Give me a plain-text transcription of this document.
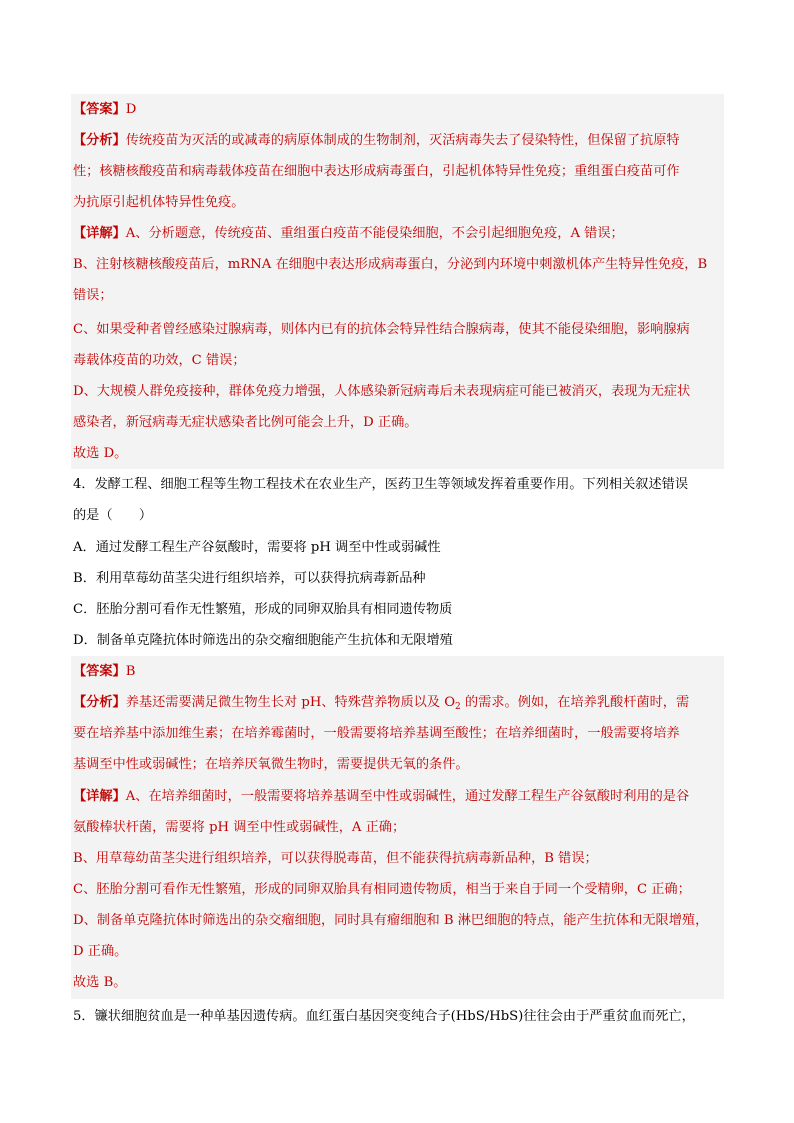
【答案】D
【分析】传统疫苗为灭活的或减毒的病原体制成的生物制剂，灭活病毒失去了侵染特性，但保留了抗原特
性；核糖核酸疫苗和病毒载体疫苗在细胞中表达形成病毒蛋白，引起机体特异性免疫；重组蛋白疫苗可作
为抗原引起机体特异性免疫。
【详解】A、分析题意，传统疫苗、重组蛋白疫苗不能侵染细胞，不会引起细胞免疫，A 错误；
B、注射核糖核酸疫苗后，mRNA 在细胞中表达形成病毒蛋白，分泌到内环境中刺激机体产生特异性免疫，B
错误；
C、如果受种者曾经感染过腺病毒，则体内已有的抗体会特异性结合腺病毒，使其不能侵染细胞，影响腺病
毒载体疫苗的功效，C 错误；
D、大规模人群免疫接种，群体免疫力增强，人体感染新冠病毒后未表现病症可能已被消灭，表现为无症状
感染者，新冠病毒无症状感染者比例可能会上升，D 正确。
故选 D。
4．发酵工程、细胞工程等生物工程技术在农业生产，医药卫生等领域发挥着重要作用。下列相关叙述错误
的是（　　）
A．通过发酵工程生产谷氨酸时，需要将 pH 调至中性或弱碱性
B．利用草莓幼苗茎尖进行组织培养，可以获得抗病毒新品种
C．胚胎分割可看作无性繁殖，形成的同卵双胎具有相同遗传物质
D．制备单克隆抗体时筛选出的杂交瘤细胞能产生抗体和无限增殖
【答案】B
【分析】养基还需要满足微生物生长对 pH、特殊营养物质以及 $O_2$ 的需求。例如，在培养乳酸杆菌时，需
要在培养基中添加维生素；在培养霉菌时，一般需要将培养基调至酸性；在培养细菌时，一般需要将培养
基调至中性或弱碱性；在培养厌氧微生物时，需要提供无氧的条件。
【详解】A、在培养细菌时，一般需要将培养基调至中性或弱碱性，通过发酵工程生产谷氨酸时利用的是谷
氨酸棒状杆菌，需要将 pH 调至中性或弱碱性，A 正确；
B、用草莓幼苗茎尖进行组织培养，可以获得脱毒苗，但不能获得抗病毒新品种，B 错误；
C、胚胎分割可看作无性繁殖，形成的同卵双胎具有相同遗传物质，相当于来自于同一个受精卵，C 正确；
D、制备单克隆抗体时筛选出的杂交瘤细胞，同时具有瘤细胞和 B 淋巴细胞的特点，能产生抗体和无限增殖，
D 正确。
故选 B。
5．镰状细胞贫血是一种单基因遗传病。血红蛋白基因突变纯合子(HbS/HbS)往往会由于严重贫血而死亡，
